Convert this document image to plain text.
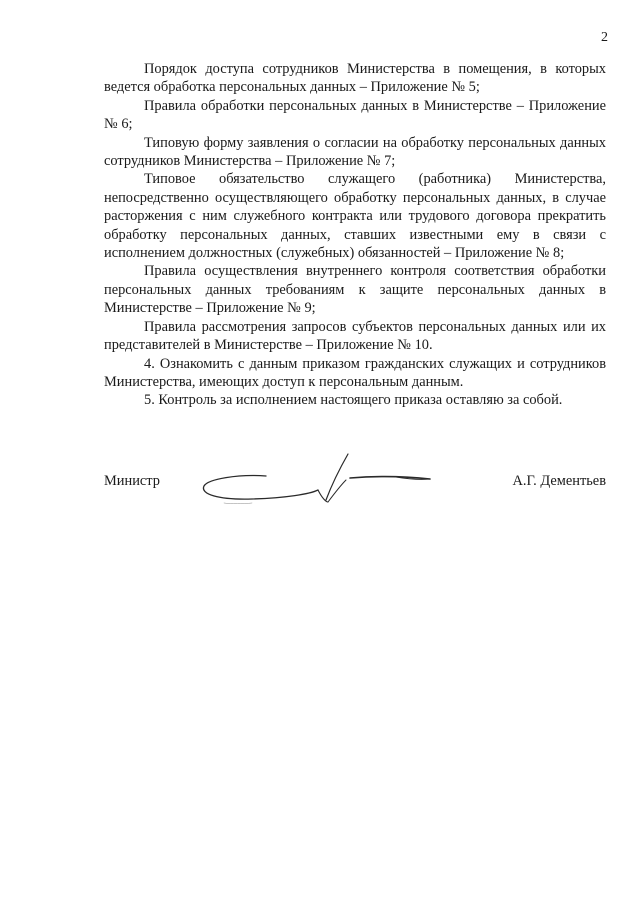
2

Порядок доступа сотрудников Министерства в помещения, в которых ведется обработка персональных данных – Приложение № 5;

Правила обработки персональных данных в Министерстве – Приложение № 6;

Типовую форму заявления о согласии на обработку персональных данных сотрудников Министерства – Приложение № 7;

Типовое обязательство служащего (работника) Министерства, непосредственно осуществляющего обработку персональных данных, в случае расторжения с ним служебного контракта или трудового договора прекратить обработку персональных данных, ставших известными ему в связи с исполнением должностных (служебных) обязанностей – Приложение № 8;

Правила осуществления внутреннего контроля соответствия обработки персональных данных требованиям к защите персональных данных в Министерстве – Приложение № 9;

Правила рассмотрения запросов субъектов персональных данных или их представителей в Министерстве – Приложение № 10.

4. Ознакомить с данным приказом гражданских служащих и сотрудников Министерства, имеющих доступ к персональным данным.

5. Контроль за исполнением настоящего приказа оставляю за собой.

Министр	А.Г. Дементьев
